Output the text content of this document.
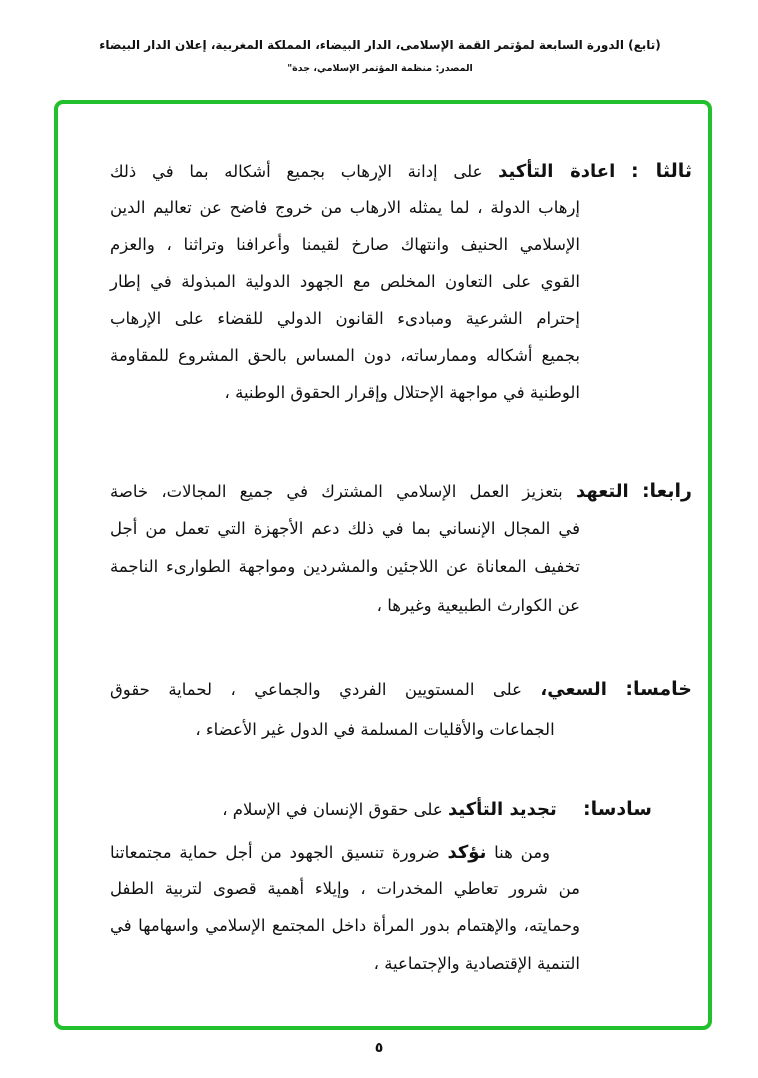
(تابع) الدورة السابعة لمؤتمر القمة الإسلامى، الدار البيضاء، المملكة المغربية، إعلان الدار البيضاء
المصدر: منظمة المؤتمر الإسلامي، جدة"
ثالثا : اعادة التأكيد على إدانة الإرهاب بجميع أشكاله بما في ذلك
إرهاب الدولة ، لما يمثله الارهاب من خروج فاضح عن تعاليم الدين
الإسلامي الحنيف وانتهاك صارخ لقيمنا وأعرافنا وتراثنا ، والعزم
القوي على التعاون المخلص مع الجهود الدولية المبذولة في إطار
إحترام الشرعية ومبادىء القانون الدولي للقضاء على الإرهاب
بجميع أشكاله وممارساته، دون المساس بالحق المشروع للمقاومة
الوطنية في مواجهة الإحتلال وإقرار الحقوق الوطنية ،
رابعا: التعهد بتعزيز العمل الإسلامي المشترك في جميع المجالات، خاصة
في المجال الإنساني بما في ذلك دعم الأجهزة التي تعمل من أجل
تخفيف المعاناة عن اللاجئين والمشردين ومواجهة الطوارىء الناجمة
عن الكوارث الطبيعية وغيرها ،
خامسا: السعي، على المستويين الفردي والجماعي ، لحماية حقوق
الجماعات والأقليات المسلمة في الدول غير الأعضاء ،
سادسا:     تجديد التأكيد على حقوق الإنسان في الإسلام ،
ومن هنا نؤكد ضرورة تنسيق الجهود من أجل حماية مجتمعاتنا
من شرور تعاطي المخدرات ، وإيلاء أهمية قصوى لتربية الطفل
وحمايته، والإهتمام بدور المرأة داخل المجتمع الإسلامي واسهامها في
التنمية الإقتصادية والإجتماعية ،
٥
